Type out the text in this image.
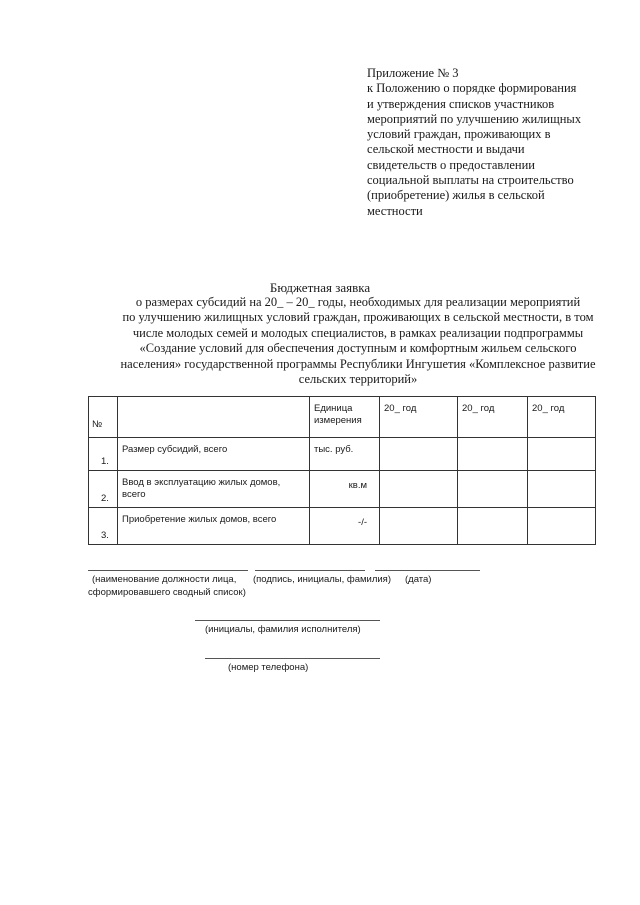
Приложение № 3
к Положению о порядке формирования
и утверждения списков участников
мероприятий по улучшению жилищных
условий граждан, проживающих в
сельской местности и выдачи
свидетельств о предоставлении
социальной выплаты на строительство
(приобретение) жилья в сельской
местности
Бюджетная заявка
о размерах субсидий на 20_ – 20_ годы, необходимых для реализации мероприятий
по улучшению жилищных условий граждан, проживающих в сельской местности, в том
числе молодых семей и молодых специалистов, в рамках реализации подпрограммы
«Создание условий для обеспечения доступным и комфортным жильем сельского
населения» государственной программы Республики Ингушетия «Комплексное развитие
сельских территорий»
№		Единица измерения	20_ год	20_ год	20_ год

1.	Размер субсидий, всего	тыс. руб.			

2.	Ввод в эксплуатацию жилых домов, всего	кв.м			

3.	Приобретение жилых домов, всего	-/-			

(наименование должности лица, (подпись, инициалы, фамилия) (дата)
сформировавшего сводный список)
(инициалы, фамилия исполнителя)
(номер телефона)
